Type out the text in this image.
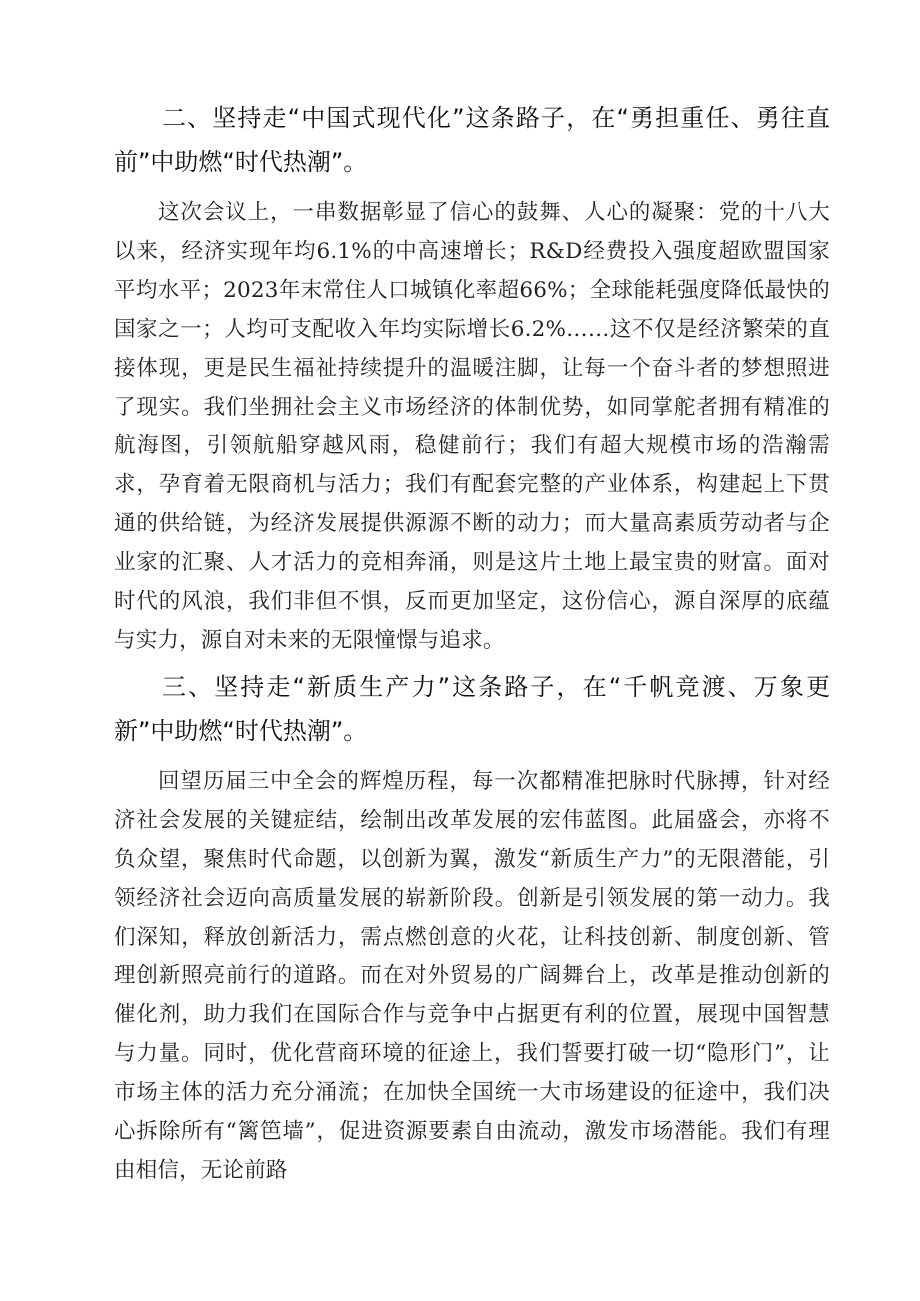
二、坚持走“中国式现代化”这条路子，在“勇担重任、勇往直前”中助燃“时代热潮”。

这次会议上，一串数据彰显了信心的鼓舞、人心的凝聚：党的十八大以来，经济实现年均6.1%的中高速增长；R&D经费投入强度超欧盟国家平均水平；2023年末常住人口城镇化率超66%；全球能耗强度降低最快的国家之一；人均可支配收入年均实际增长6.2%……这不仅是经济繁荣的直接体现，更是民生福祉持续提升的温暖注脚，让每一个奋斗者的梦想照进了现实。我们坐拥社会主义市场经济的体制优势，如同掌舵者拥有精准的航海图，引领航船穿越风雨，稳健前行；我们有超大规模市场的浩瀚需求，孕育着无限商机与活力；我们有配套完整的产业体系，构建起上下贯通的供给链，为经济发展提供源源不断的动力；而大量高素质劳动者与企业家的汇聚、人才活力的竞相奔涌，则是这片土地上最宝贵的财富。面对时代的风浪，我们非但不惧，反而更加坚定，这份信心，源自深厚的底蕴与实力，源自对未来的无限憧憬与追求。

三、坚持走“新质生产力”这条路子，在“千帆竞渡、万象更新”中助燃“时代热潮”。

回望历届三中全会的辉煌历程，每一次都精准把脉时代脉搏，针对经济社会发展的关键症结，绘制出改革发展的宏伟蓝图。此届盛会，亦将不负众望，聚焦时代命题，以创新为翼，激发“新质生产力”的无限潜能，引领经济社会迈向高质量发展的崭新阶段。创新是引领发展的第一动力。我们深知，释放创新活力，需点燃创意的火花，让科技创新、制度创新、管理创新照亮前行的道路。而在对外贸易的广阔舞台上，改革是推动创新的催化剂，助力我们在国际合作与竞争中占据更有利的位置，展现中国智慧与力量。同时，优化营商环境的征途上，我们誓要打破一切“隐形门”，让市场主体的活力充分涌流；在加快全国统一大市场建设的征途中，我们决心拆除所有“篱笆墙”，促进资源要素自由流动，激发市场潜能。我们有理由相信，无论前路
